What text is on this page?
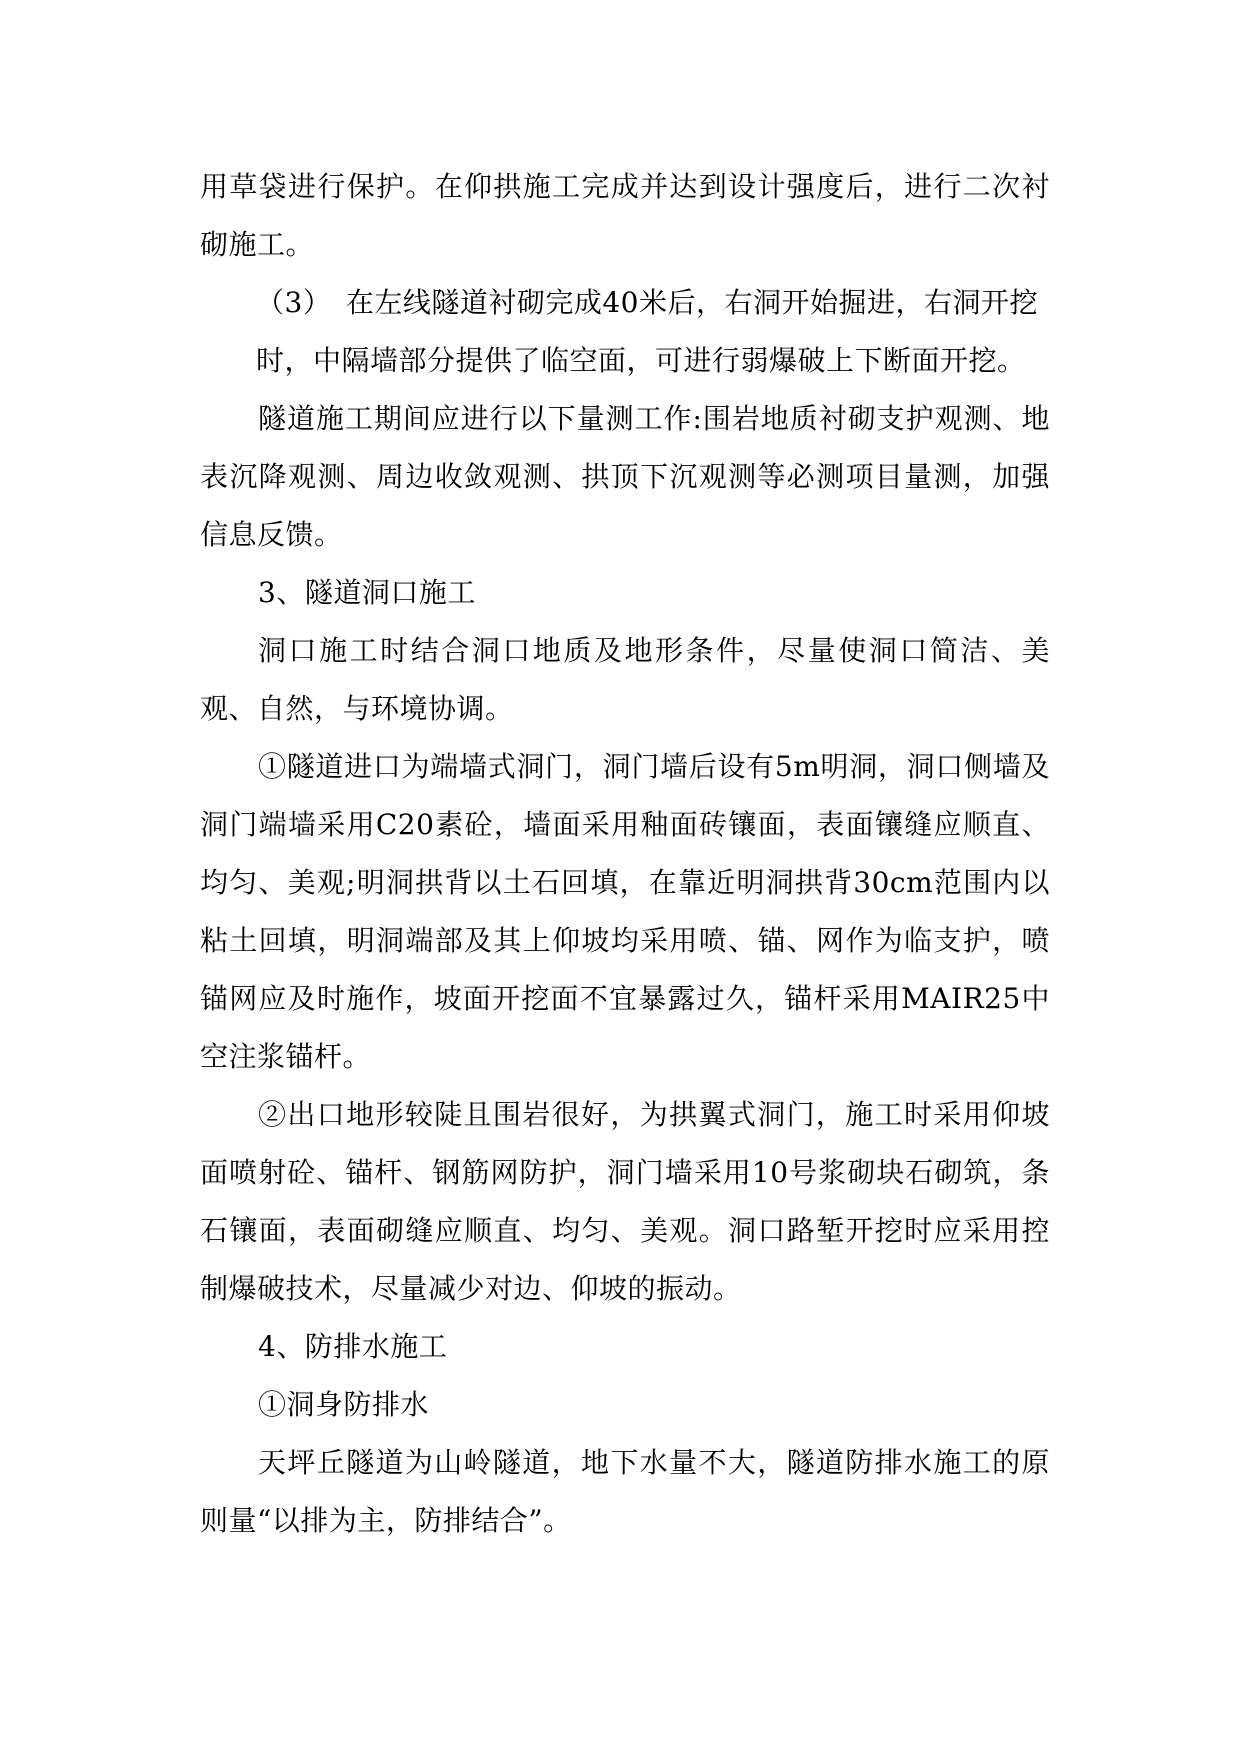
用草袋进行保护。在仰拱施工完成并达到设计强度后，进行二次衬砌施工。

（3）　在左线隧道衬砌完成40米后，右洞开始掘进，右洞开挖
时，中隔墙部分提供了临空面，可进行弱爆破上下断面开挖。

隧道施工期间应进行以下量测工作:围岩地质衬砌支护观测、地表沉降观测、周边收敛观测、拱顶下沉观测等必测项目量测，加强信息反馈。

3、隧道洞口施工

洞口施工时结合洞口地质及地形条件，尽量使洞口简洁、美观、自然，与环境协调。

①隧道进口为端墙式洞门，洞门墙后设有5m明洞，洞口侧墙及洞门端墙采用C20素砼，墙面采用釉面砖镶面，表面镶缝应顺直、均匀、美观;明洞拱背以土石回填，在靠近明洞拱背30cm范围内以粘土回填，明洞端部及其上仰坡均采用喷、锚、网作为临支护，喷锚网应及时施作，坡面开挖面不宜暴露过久，锚杆采用MAIR25中空注浆锚杆。

②出口地形较陡且围岩很好，为拱翼式洞门，施工时采用仰坡面喷射砼、锚杆、钢筋网防护，洞门墙采用10号浆砌块石砌筑，条石镶面，表面砌缝应顺直、均匀、美观。洞口路堑开挖时应采用控制爆破技术，尽量减少对边、仰坡的振动。

4、防排水施工

①洞身防排水

天坪丘隧道为山岭隧道，地下水量不大，隧道防排水施工的原则量“以排为主，防排结合”。
